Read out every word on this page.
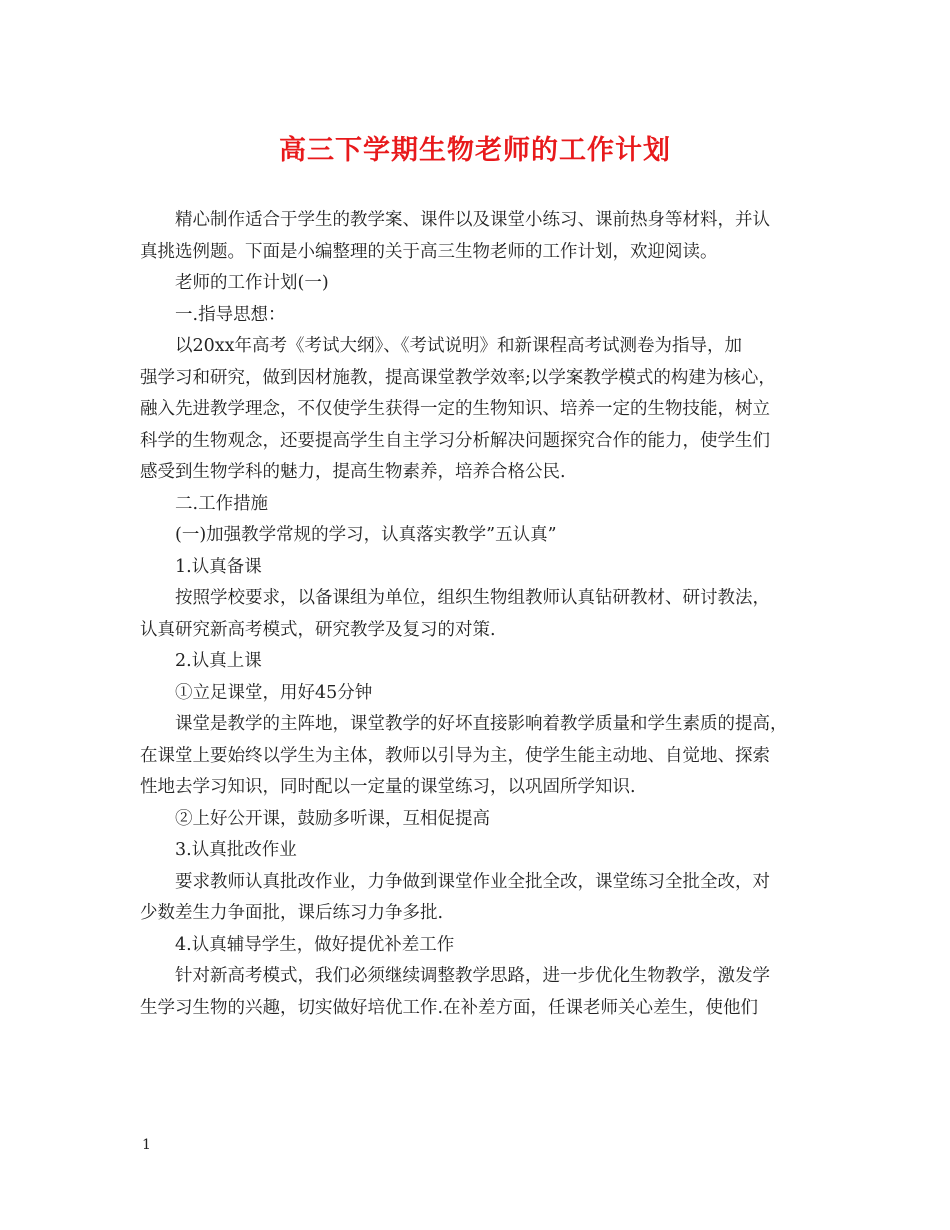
高三下学期生物老师的工作计划
精心制作适合于学生的教学案、课件以及课堂小练习、课前热身等材料，并认
真挑选例题。下面是小编整理的关于高三生物老师的工作计划，欢迎阅读。
老师的工作计划(一)
一.指导思想：
以20xx年高考《考试大纲》、《考试说明》和新课程高考试测卷为指导，加
强学习和研究，做到因材施教，提高课堂教学效率;以学案教学模式的构建为核心，
融入先进教学理念，不仅使学生获得一定的生物知识、培养一定的生物技能，树立
科学的生物观念，还要提高学生自主学习分析解决问题探究合作的能力，使学生们
感受到生物学科的魅力，提高生物素养，培养合格公民.
二.工作措施
(一)加强教学常规的学习，认真落实教学”五认真”
1.认真备课
按照学校要求，以备课组为单位，组织生物组教师认真钻研教材、研讨教法，
认真研究新高考模式，研究教学及复习的对策.
2.认真上课
①立足课堂，用好45分钟
课堂是教学的主阵地，课堂教学的好坏直接影响着教学质量和学生素质的提高，
在课堂上要始终以学生为主体，教师以引导为主，使学生能主动地、自觉地、探索
性地去学习知识，同时配以一定量的课堂练习，以巩固所学知识.
②上好公开课，鼓励多听课，互相促提高
3.认真批改作业
要求教师认真批改作业，力争做到课堂作业全批全改，课堂练习全批全改，对
少数差生力争面批，课后练习力争多批.
4.认真辅导学生，做好提优补差工作
针对新高考模式，我们必须继续调整教学思路，进一步优化生物教学，激发学
生学习生物的兴趣，切实做好培优工作.在补差方面，任课老师关心差生，使他们
1
